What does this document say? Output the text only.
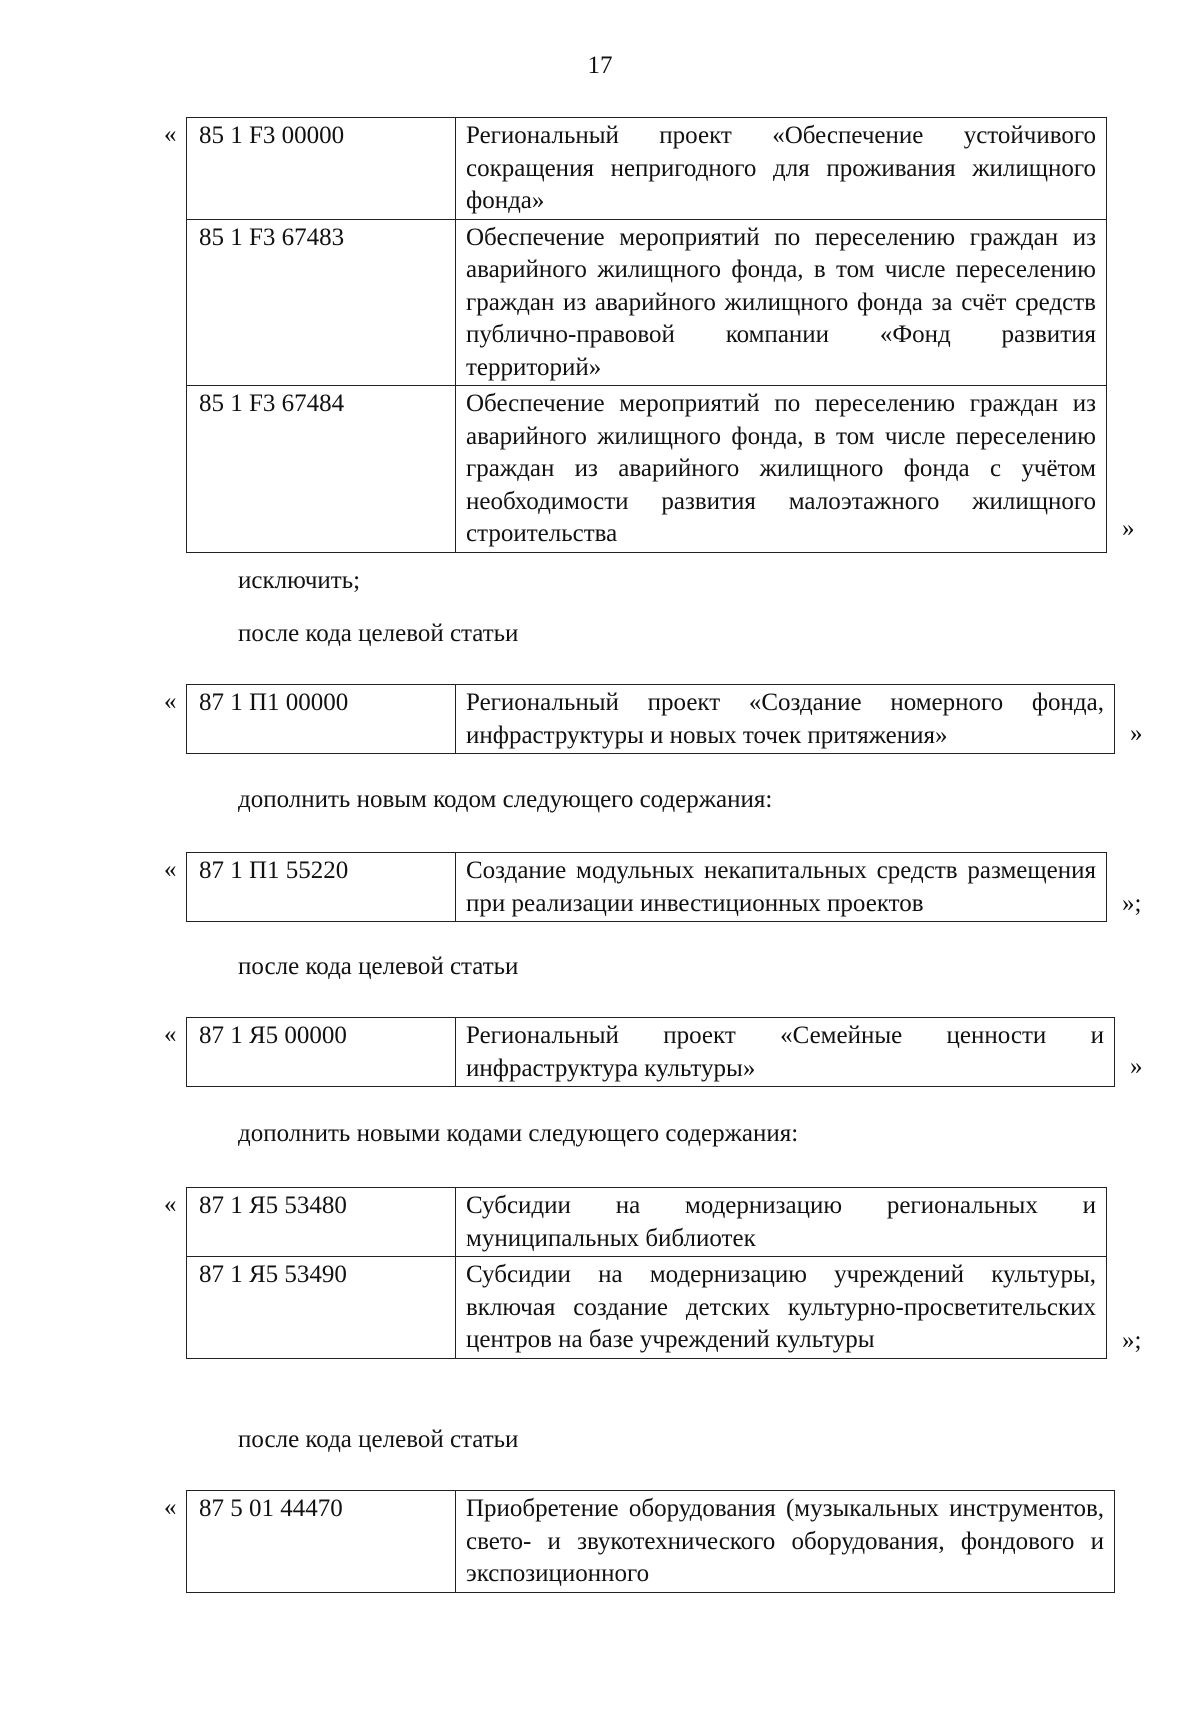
17
« 85 1 F3 00000	Региональный проект «Обеспечение устойчивого сокращения непригодного для проживания жилищного фонда»
85 1 F3 67483	Обеспечение мероприятий по переселению граждан из аварийного жилищного фонда, в том числе переселению граждан из аварийного жилищного фонда за счёт средств публично-правовой компании «Фонд развития территорий»
85 1 F3 67484	Обеспечение мероприятий по переселению граждан из аварийного жилищного фонда, в том числе переселению граждан из аварийного жилищного фонда с учётом необходимости развития малоэтажного жилищного строительства	»
исключить;
после кода целевой статьи
« 87 1 П1 00000	Региональный проект «Создание номерного фонда, инфраструктуры и новых точек притяжения»	»
дополнить новым кодом следующего содержания:
« 87 1 П1 55220	Создание модульных некапитальных средств размещения при реализации инвестиционных проектов	»;
после кода целевой статьи
« 87 1 Я5 00000	Региональный проект «Семейные ценности и инфраструктура культуры»	»
дополнить новыми кодами следующего содержания:
« 87 1 Я5 53480	Субсидии на модернизацию региональных и муниципальных библиотек
87 1 Я5 53490	Субсидии на модернизацию учреждений культуры, включая создание детских культурно-просветительских центров на базе учреждений культуры	»;
после кода целевой статьи
« 87 5 01 44470	Приобретение оборудования (музыкальных инструментов, свето- и звукотехнического оборудования, фондового и экспозиционного
